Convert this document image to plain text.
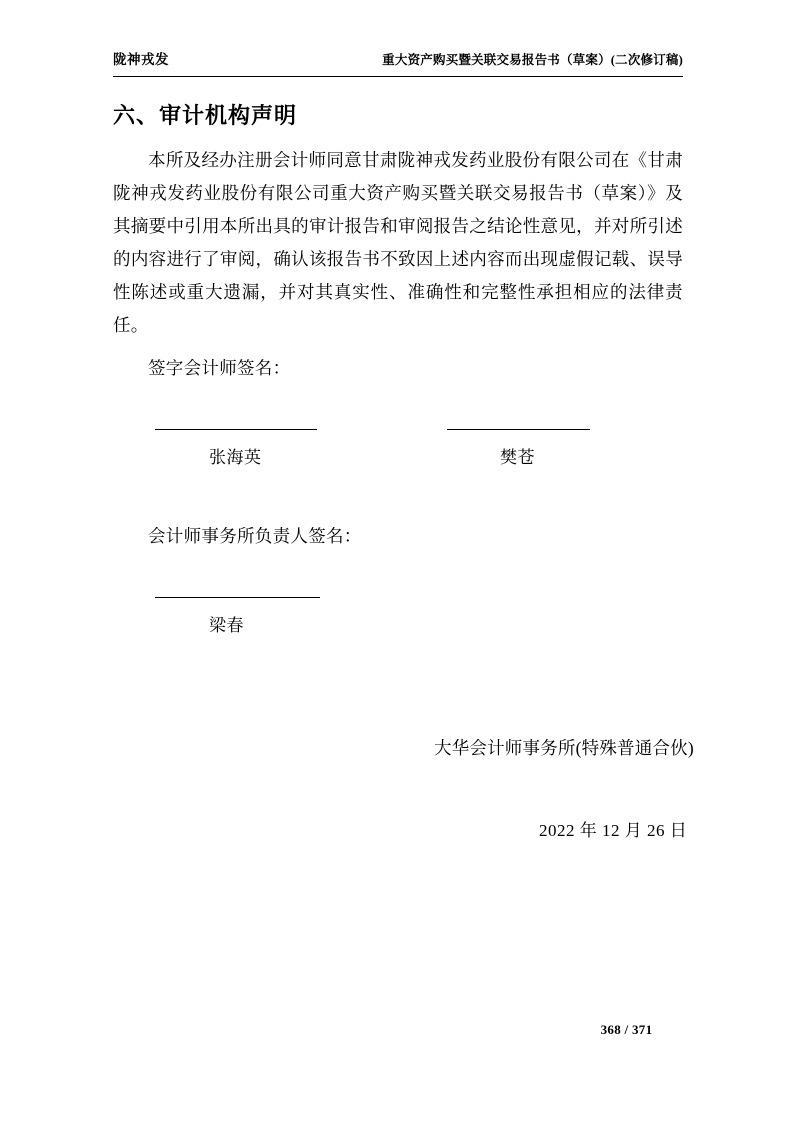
陇神戎发	重大资产购买暨关联交易报告书（草案）(二次修订稿)
六、审计机构声明
本所及经办注册会计师同意甘肃陇神戎发药业股份有限公司在《甘肃陇神戎发药业股份有限公司重大资产购买暨关联交易报告书（草案）》及其摘要中引用本所出具的审计报告和审阅报告之结论性意见，并对所引述的内容进行了审阅，确认该报告书不致因上述内容而出现虚假记载、误导性陈述或重大遗漏，并对其真实性、准确性和完整性承担相应的法律责任。
签字会计师签名：
张海英	樊苍
会计师事务所负责人签名：
梁春
大华会计师事务所(特殊普通合伙)
2022 年 12 月 26 日
368 / 371
